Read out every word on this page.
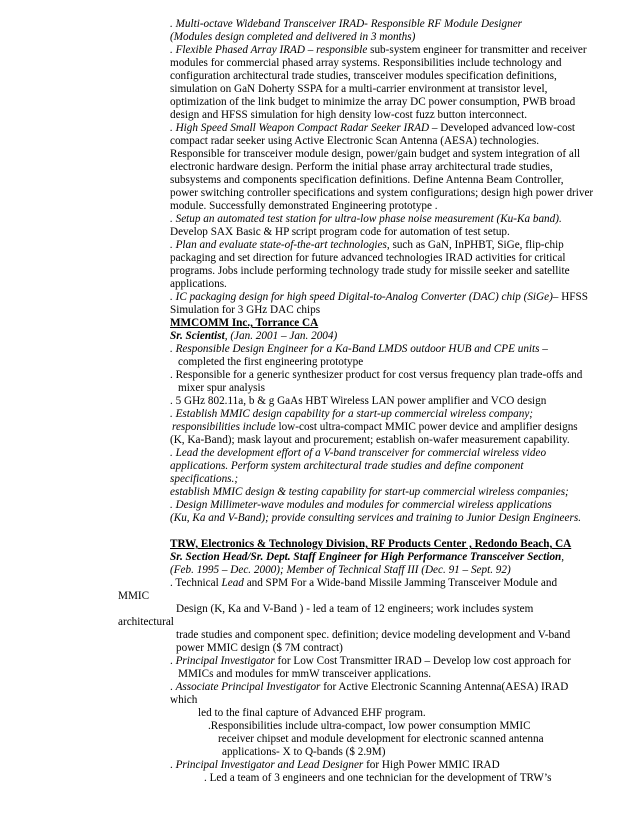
. Multi-octave Wideband Transceiver IRAD- Responsible RF Module Designer
(Modules design completed and delivered in 3 months)
. Flexible Phased Array IRAD – responsible sub-system engineer for transmitter and receiver
modules for commercial phased array systems. Responsibilities include technology and
configuration architectural trade studies, transceiver modules specification definitions,
simulation on GaN Doherty SSPA for a multi-carrier environment at transistor level,
optimization of the link budget to minimize the array DC power consumption, PWB broad
design and HFSS simulation for high density low-cost fuzz button interconnect.
. High Speed Small Weapon Compact Radar Seeker IRAD – Developed advanced low-cost
compact radar seeker using Active Electronic Scan Antenna (AESA) technologies.
Responsible for transceiver module design, power/gain budget and system integration of all
electronic hardware design. Perform the initial phase array architectural trade studies,
subsystems and components specification definitions. Define Antenna Beam Controller,
power switching controller specifications and system configurations; design high power driver
module. Successfully demonstrated Engineering prototype .
. Setup an automated test station for ultra-low phase noise measurement (Ku-Ka band).
Develop SAX Basic & HP script program code for automation of test setup.
. Plan and evaluate state-of-the-art technologies, such as GaN, InPHBT, SiGe, flip-chip
packaging and set direction for future advanced technologies IRAD activities for critical
programs. Jobs include performing technology trade study for missile seeker and satellite
applications.
. IC packaging design for high speed Digital-to-Analog Converter (DAC) chip (SiGe)– HFSS
Simulation for 3 GHz DAC chips
MMCOMM Inc., Torrance CA
Sr. Scientist, (Jan. 2001 – Jan. 2004)
. Responsible Design Engineer for a Ka-Band LMDS outdoor HUB and CPE units –
completed the first engineering prototype
. Responsible for a generic synthesizer product for cost versus frequency plan trade-offs and
mixer spur analysis
. 5 GHz 802.11a, b & g GaAs HBT Wireless LAN power amplifier and VCO design
. Establish MMIC design capability for a start-up commercial wireless company;
responsibilities include low-cost ultra-compact MMIC power device and amplifier designs
(K, Ka-Band); mask layout and procurement; establish on-wafer measurement capability.
. Lead the development effort of a V-band transceiver for commercial wireless video
applications. Perform system architectural trade studies and define component
specifications.;
establish MMIC design & testing capability for start-up commercial wireless companies;
. Design Millimeter-wave modules and modules for commercial wireless applications
(Ku, Ka and V-Band); provide consulting services and training to Junior Design Engineers.
TRW, Electronics & Technology Division, RF Products Center , Redondo Beach, CA
Sr. Section Head/Sr. Dept. Staff Engineer for High Performance Transceiver Section,
(Feb. 1995 – Dec. 2000); Member of Technical Staff III (Dec. 91 – Sept. 92)
. Technical Lead and SPM For a Wide-band Missile Jamming Transceiver Module and
MMIC
Design (K, Ka and V-Band ) - led a team of 12 engineers; work includes system
architectural
trade studies and component spec. definition; device modeling development and V-band
power MMIC design ($ 7M contract)
. Principal Investigator for Low Cost Transmitter IRAD – Develop low cost approach for
MMICs and modules for mmW transceiver applications.
. Associate Principal Investigator for Active Electronic Scanning Antenna(AESA) IRAD
which
led to the final capture of Advanced EHF program.
.Responsibilities include ultra-compact, low power consumption MMIC
receiver chipset and module development for electronic scanned antenna
applications- X to Q-bands ($ 2.9M)
. Principal Investigator and Lead Designer for High Power MMIC IRAD
. Led a team of 3 engineers and one technician for the development of TRW’s
